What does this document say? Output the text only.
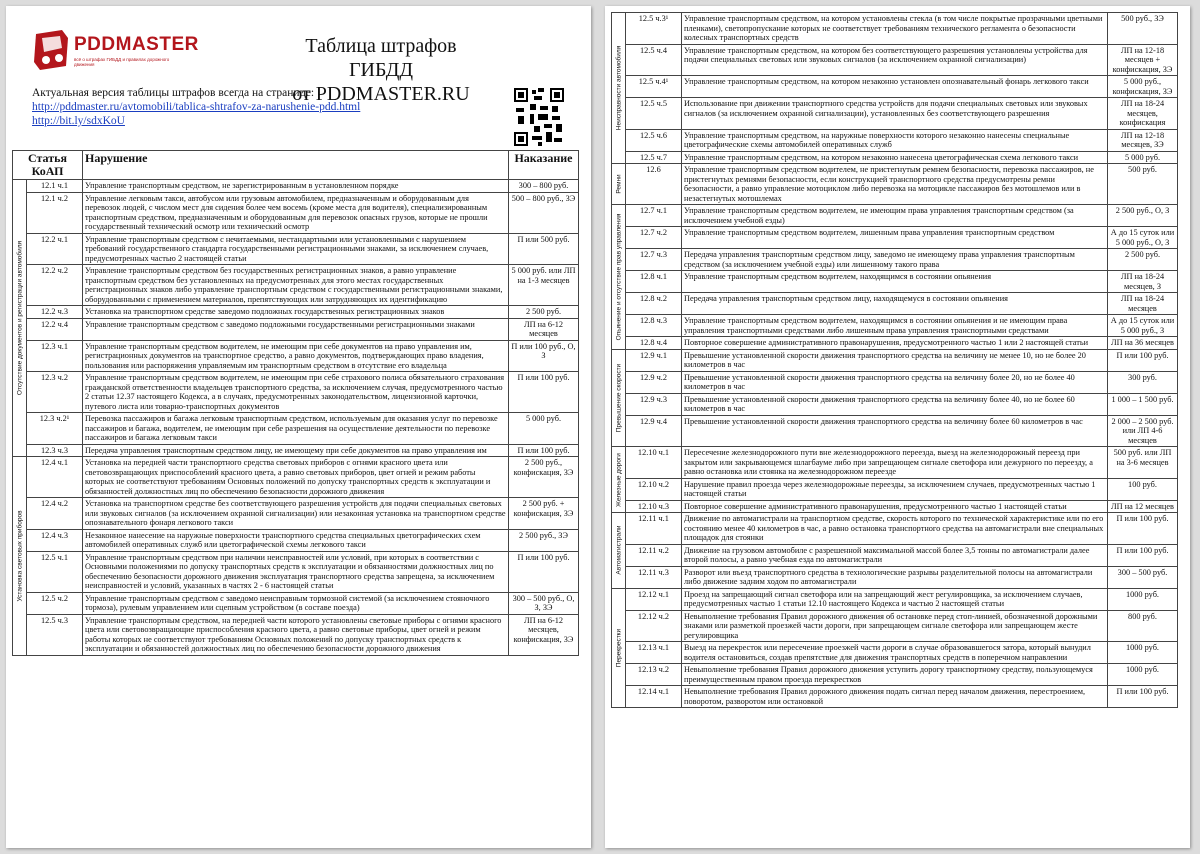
PDDMASTER
всё о штрафах ГИБДД и правилах дорожного движения
Таблица штрафов ГИБДД
от PDDMASTER.RU
Актуальная версия таблицы штрафов всегда на странице:
http://pddmaster.ru/avtomobili/tablica-shtrafov-za-narushenie-pdd.html
http://bit.ly/sdxKoU
Статья КоАП		Нарушение	Наказание

Отсутствие документов и регистрации автомобиля	12.1 ч.1	Управление транспортным средством, не зарегистрированным в установленном порядке	300 – 800 руб.
	12.1 ч.2	Управление легковым такси, автобусом или грузовым автомобилем, предназначенным и оборудованным для перевозок людей, с числом мест для сидения более чем восемь (кроме места для водителя), специализированным транспортным средством, предназначенным и оборудованным для перевозок опасных грузов, которые не прошли государственный технический осмотр или технический осмотр	500 – 800 руб., ЗЭ
	12.2 ч.1	Управление транспортным средством с нечитаемыми, нестандартными или установленными с нарушением требований государственного стандарта государственными регистрационными знаками, за исключением случаев, предусмотренных частью 2 настоящей статьи	П или 500 руб.
	12.2 ч.2	Управление транспортным средством без государственных регистрационных знаков, а равно управление транспортным средством без установленных на предусмотренных для этого местах государственных регистрационных знаков либо управление транспортным средством с государственными регистрационными знаками, оборудованными с применением материалов, препятствующих или затрудняющих их идентификацию	5 000 руб. или ЛП на 1-3 месяцев
	12.2 ч.3	Установка на транспортном средстве заведомо подложных государственных регистрационных знаков	2 500 руб.
	12.2 ч.4	Управление транспортным средством с заведомо подложными государственными регистрационными знаками	ЛП на 6-12 месяцев
	12.3 ч.1	Управление транспортным средством водителем, не имеющим при себе документов на право управления им, регистрационных документов на транспортное средство, а равно документов, подтверждающих право владения, пользования или распоряжения управляемым им транспортным средством в отсутствие его владельца	П или 100 руб., О, З
	12.3 ч.2	Управление транспортным средством водителем, не имеющим при себе страхового полиса обязательного страхования гражданской ответственности владельцев транспортного средства, за исключением случая, предусмотренного частью 2 статьи 12.37 настоящего Кодекса, а в случаях, предусмотренных законодательством, лицензионной карточки, путевого листа или товарно-транспортных документов	П или 100 руб.
	12.3 ч.2¹	Перевозка пассажиров и багажа легковым транспортным средством, используемым для оказания услуг по перевозке пассажиров и багажа, водителем, не имеющим при себе разрешения на осуществление деятельности по перевозке пассажиров и багажа легковым такси	5 000 руб.
	12.3 ч.3	Передача управления транспортным средством лицу, не имеющему при себе документов на право управления им	П или 100 руб.

Установка световых приборов	12.4 ч.1	Установка на передней части транспортного средства световых приборов с огнями красного цвета или световозвращающих приспособлений красного цвета, а равно световых приборов, цвет огней и режим работы которых не соответствуют требованиям Основных положений по допуску транспортных средств к эксплуатации и обязанностей должностных лиц по обеспечению безопасности дорожного движения	2 500 руб., конфискация, ЗЭ
	12.4 ч.2	Установка на транспортном средстве без соответствующего разрешения устройств для подачи специальных световых или звуковых сигналов (за исключением охранной сигнализации) или незаконная установка на транспортном средстве опознавательного фонаря легкового такси	2 500 руб. + конфискация, ЗЭ
	12.4 ч.3	Незаконное нанесение на наружные поверхности транспортного средства специальных цветографических схем автомобилей оперативных служб или цветографической схемы легкового такси	2 500 руб., ЗЭ
	12.5 ч.1	Управление транспортным средством при наличии неисправностей или условий, при которых в соответствии с Основными положениями по допуску транспортных средств к эксплуатации и обязанностями должностных лиц по обеспечению безопасности дорожного движения эксплуатация транспортного средства запрещена, за исключением неисправностей и условий, указанных в частях 2 - 6 настоящей статьи	П или 100 руб.
	12.5 ч.2	Управление транспортным средством с заведомо неисправным тормозной системой (за исключением стояночного тормоза), рулевым управлением или сцепным устройством (в составе поезда)	300 – 500 руб., О, З, ЗЭ
	12.5 ч.3	Управление транспортным средством, на передней части которого установлены световые приборы с огнями красного цвета или световозвращающие приспособления красного цвета, а равно световые приборы, цвет огней и режим работы которых не соответствуют требованиям Основных положений по допуску транспортных средств к эксплуатации и обязанностей должностных лиц по обеспечению безопасности дорожного движения	ЛП на 6-12 месяцев, конфискация, ЗЭ
Неисправности автомобиля	12.5 ч.3¹	Управление транспортным средством, на котором установлены стекла (в том числе покрытые прозрачными цветными пленками), светопропускание которых не соответствует требованиям технического регламента о безопасности колесных транспортных средств	500 руб., ЗЭ
	12.5 ч.4	Управление транспортным средством, на котором без соответствующего разрешения установлены устройства для подачи специальных световых или звуковых сигналов (за исключением охранной сигнализации)	ЛП на 12-18 месяцев + конфискация, ЗЭ
	12.5 ч.4¹	Управление транспортным средством, на котором незаконно установлен опознавательный фонарь легкового такси	5 000 руб., конфискация, ЗЭ
	12.5 ч.5	Использование при движении транспортного средства устройств для подачи специальных световых или звуковых сигналов (за исключением охранной сигнализации), установленных без соответствующего разрешения	ЛП на 18-24 месяцев, конфискация
	12.5 ч.6	Управление транспортным средством, на наружные поверхности которого незаконно нанесены специальные цветографические схемы автомобилей оперативных служб	ЛП на 12-18 месяцев, ЗЭ
	12.5 ч.7	Управление транспортным средством, на котором незаконно нанесена цветографическая схема легкового такси	5 000 руб.

Ремни	12.6	Управление транспортным средством водителем, не пристегнутым ремнем безопасности, перевозка пассажиров, не пристегнутых ремнями безопасности, если конструкцией транспортного средства предусмотрены ремни безопасности, а равно управление мотоциклом либо перевозка на мотоцикле пассажиров без мотошлемов или в незастегнутых мотошлемах	500 руб.

Опьянение и отсутствие прав управления	12.7 ч.1	Управление транспортным средством водителем, не имеющим права управления транспортным средством (за исключением учебной езды)	2 500 руб., О, З
	12.7 ч.2	Управление транспортным средством водителем, лишенным права управления транспортным средством	А до 15 суток или 5 000 руб., О, З
	12.7 ч.3	Передача управления транспортным средством лицу, заведомо не имеющему права управления транспортным средством (за исключением учебной езды) или лишенному такого права	2 500 руб.
	12.8 ч.1	Управление транспортным средством водителем, находящимся в состоянии опьянения	ЛП на 18-24 месяцев, З
	12.8 ч.2	Передача управления транспортным средством лицу, находящемуся в состоянии опьянения	ЛП на 18-24 месяцев
	12.8 ч.3	Управление транспортным средством водителем, находящимся в состоянии опьянения и не имеющим права управления транспортными средствами либо лишенным права управления транспортными средствами	А до 15 суток или 5 000 руб., З
	12.8 ч.4	Повторное совершение административного правонарушения, предусмотренного частью 1 или 2 настоящей статьи	ЛП на 36 месяцев

Превышение скорости	12.9 ч.1	Превышение установленной скорости движения транспортного средства на величину не менее 10, но не более 20 километров в час	П или 100 руб.
	12.9 ч.2	Превышение установленной скорости движения транспортного средства на величину более 20, но не более 40 километров в час	300 руб.
	12.9 ч.3	Превышение установленной скорости движения транспортного средства на величину более 40, но не более 60 километров в час	1 000 – 1 500 руб.
	12.9 ч.4	Превышение установленной скорости движения транспортного средства на величину более 60 километров в час	2 000 – 2 500 руб. или ЛП 4-6 месяцев

Железные дороги	12.10 ч.1	Пересечение железнодорожного пути вне железнодорожного переезда, выезд на железнодорожный переезд при закрытом или закрывающемся шлагбауме либо при запрещающем сигнале светофора или дежурного по переезду, а равно остановка или стоянка на железнодорожном переезде	500 руб. или ЛП на 3-6 месяцев
	12.10 ч.2	Нарушение правил проезда через железнодорожные переезды, за исключением случаев, предусмотренных частью 1 настоящей статьи	100 руб.
	12.10 ч.3	Повторное совершение административного правонарушения, предусмотренного частью 1 настоящей статьи	ЛП на 12 месяцев

Автомагистрали	12.11 ч.1	Движение по автомагистрали на транспортном средстве, скорость которого по технической характеристике или по его состоянию менее 40 километров в час, а равно остановка транспортного средства на автомагистрали вне специальных площадок для стоянки	П или 100 руб.
	12.11 ч.2	Движение на грузовом автомобиле с разрешенной максимальной массой более 3,5 тонны по автомагистрали далее второй полосы, а равно учебная езда по автомагистрали	П или 100 руб.
	12.11 ч.3	Разворот или въезд транспортного средства в технологические разрывы разделительной полосы на автомагистрали либо движение задним ходом по автомагистрали	300 – 500 руб.

Перекрестки	12.12 ч.1	Проезд на запрещающий сигнал светофора или на запрещающий жест регулировщика, за исключением случаев, предусмотренных частью 1 статьи 12.10 настоящего Кодекса и частью 2 настоящей статьи	1000 руб.
	12.12 ч.2	Невыполнение требования Правил дорожного движения об остановке перед стоп-линией, обозначенной дорожными знаками или разметкой проезжей части дороги, при запрещающем сигнале светофора или запрещающем жесте регулировщика	800 руб.
	12.13 ч.1	Выезд на перекресток или пересечение проезжей части дороги в случае образовавшегося затора, который вынудил водителя остановиться, создав препятствие для движения транспортных средств в поперечном направлении	1000 руб.
	12.13 ч.2	Невыполнение требования Правил дорожного движения уступить дорогу транспортному средству, пользующемуся преимущественным правом проезда перекрестков	1000 руб.
	12.14 ч.1	Невыполнение требования Правил дорожного движения подать сигнал перед началом движения, перестроением, поворотом, разворотом или остановкой	П или 100 руб.
